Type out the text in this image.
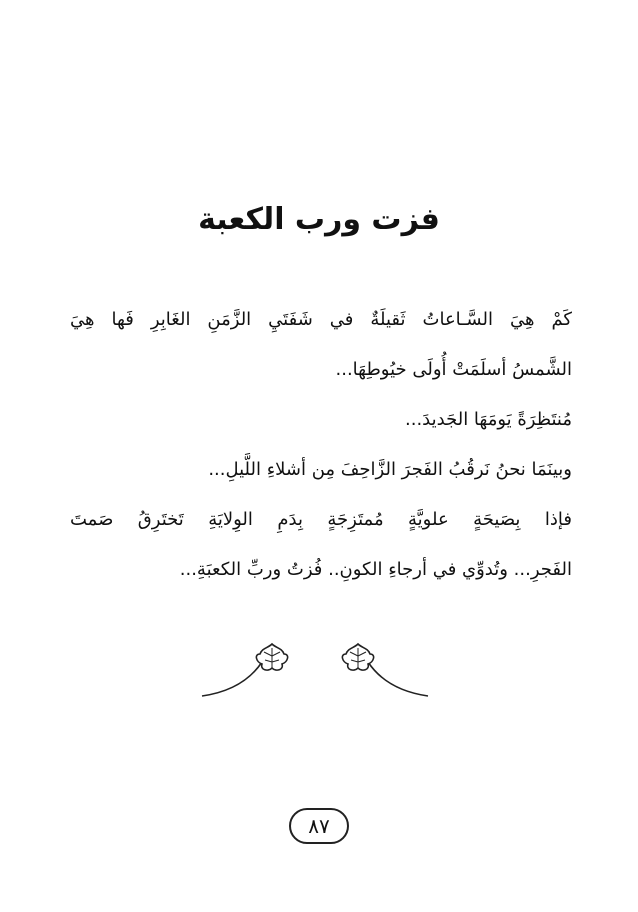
فزت ورب الكعبة
كَمْ هِيَ السَّـاعاتُ ثَقيلَةٌ في شَفَتَيِ الزَّمَنِ الغَابِرِ فَها هِيَ
الشَّمسُ أسلَمَتْ أُولَى خيُوطِهَا...
مُنتَظِرَةً يَومَهَا الجَديدَ...
وبينَمَا نحنُ نَرقُبُ الفَجرَ الزَّاحِفَ مِن أشلاءِ اللَّيلِ...
فإذا بِصَيحَةٍ علويَّةٍ مُمتَزِجَةٍ بِدَمِ الوِلايَةِ تَختَرِقُ صَمتَ
الفَجرِ... وتُدوِّي في أرجاءِ الكونِ.. فُزتُ وربِّ الكعبَةِ...
٨٧
